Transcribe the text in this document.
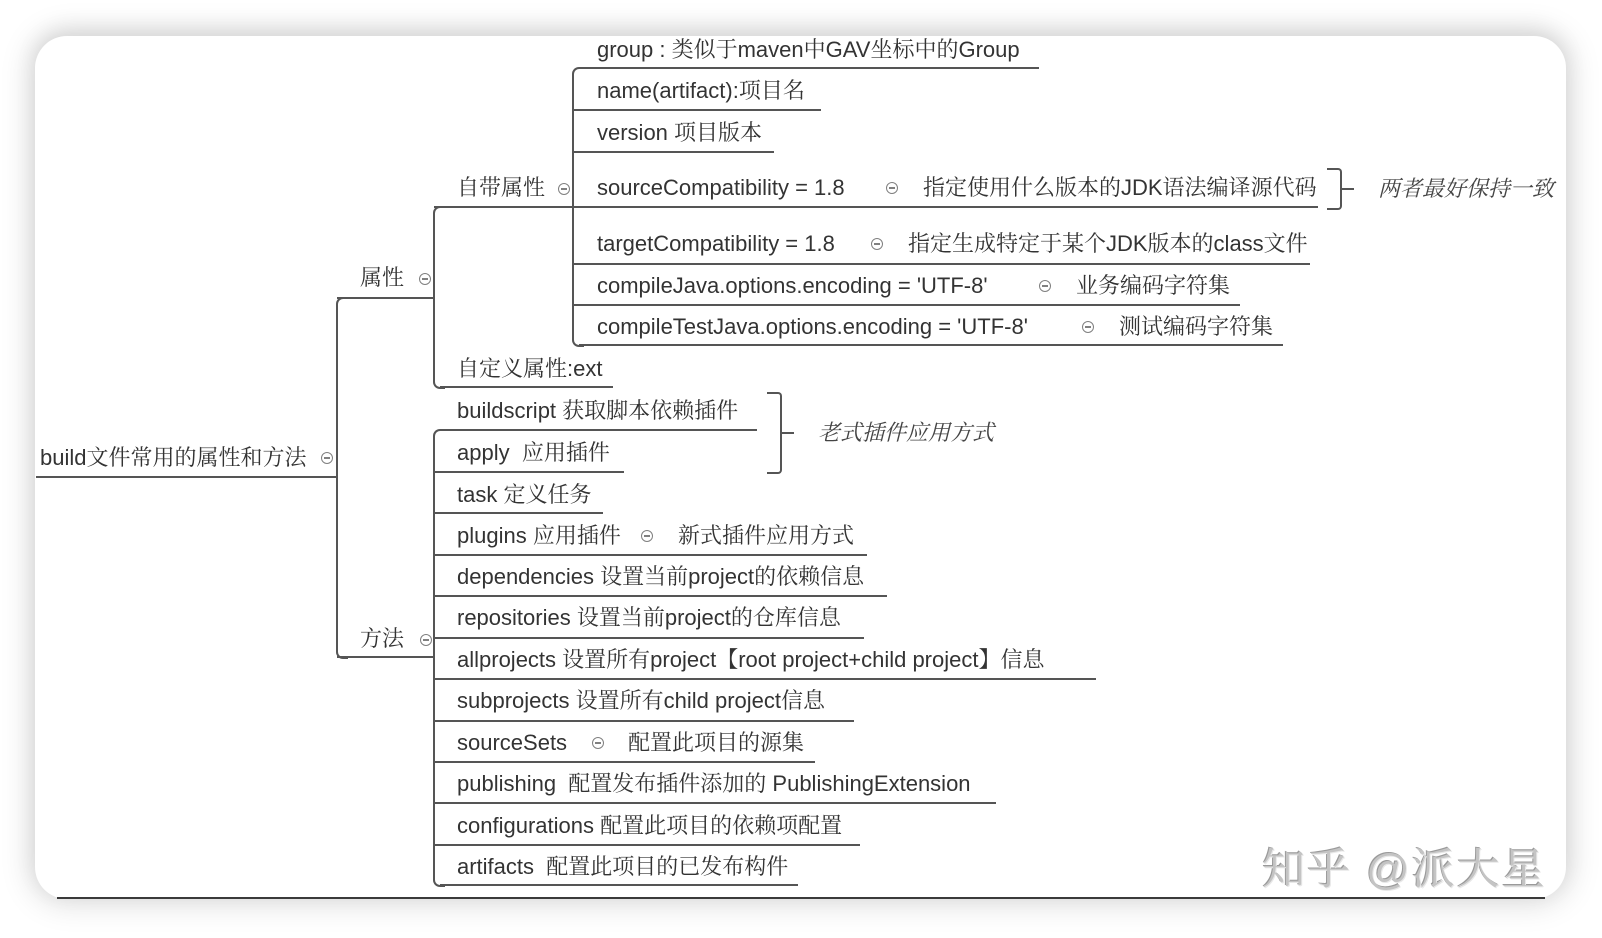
build文件常用的属性和方法
属性
方法
自带属性
自定义属性:ext
group : 类似于maven中GAV坐标中的Group
name(artifact):项目名
version 项目版本
sourceCompatibility = 1.8	指定使用什么版本的JDK语法编译源代码
targetCompatibility = 1.8	指定生成特定于某个JDK版本的class文件
compileJava.options.encoding = 'UTF-8'	业务编码字符集
compileTestJava.options.encoding = 'UTF-8'	测试编码字符集
两者最好保持一致
buildscript 获取脚本依赖插件
apply  应用插件
task 定义任务
plugins 应用插件	新式插件应用方式
dependencies 设置当前project的依赖信息
repositories 设置当前project的仓库信息
allprojects 设置所有project【root project+child project】信息
subprojects 设置所有child project信息
sourceSets	配置此项目的源集
publishing  配置发布插件添加的 PublishingExtension
configurations 配置此项目的依赖项配置
artifacts  配置此项目的已发布构件
老式插件应用方式
知乎 @派大星
